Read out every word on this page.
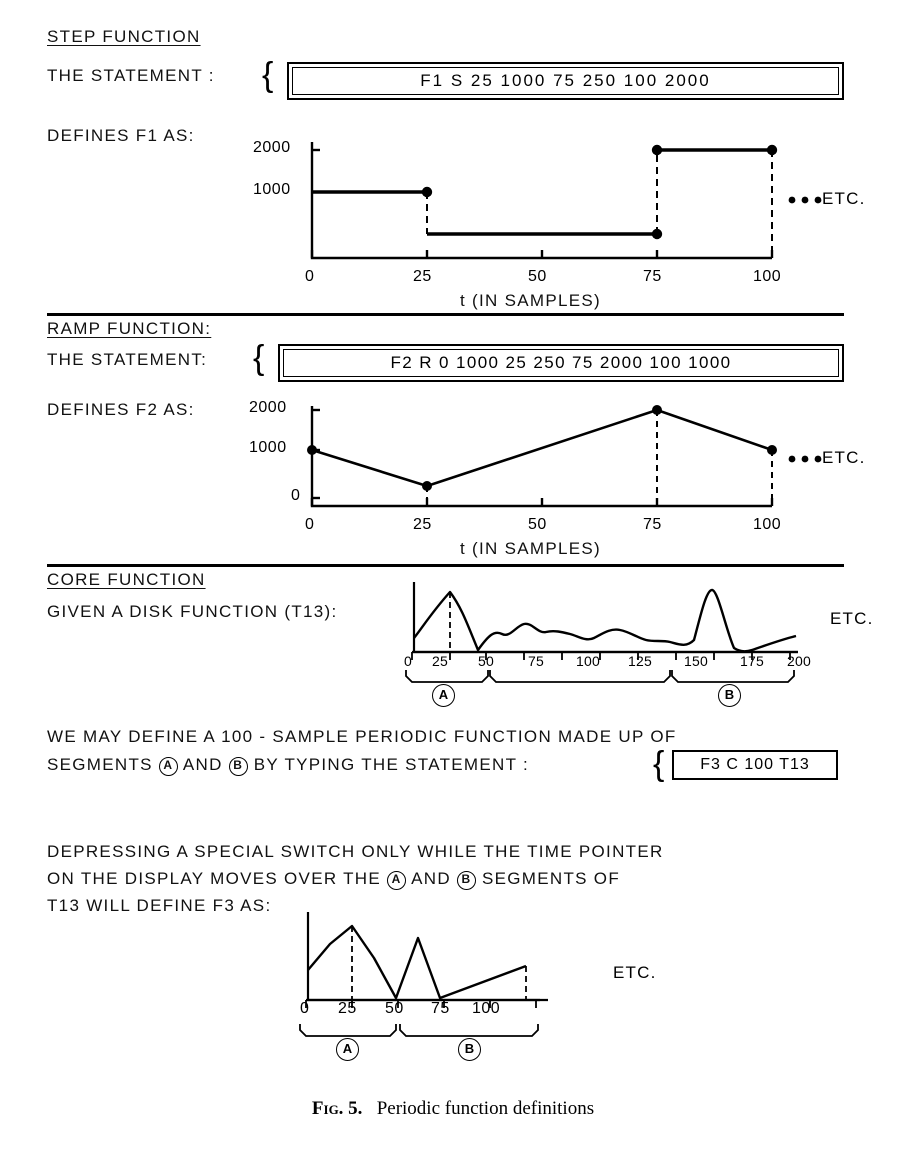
STEP FUNCTION
THE STATEMENT : {	F1 S 25 1000 75 250 100 2000
DEFINES F1 AS:
2000
1000
0	25	50	75	100
t (IN SAMPLES)
ETC.
RAMP FUNCTION:
THE STATEMENT: {	F2 R 0 1000 25 250 75 2000 100 1000
DEFINES F2 AS:	2000
1000
0
0	25	50	75	100
t (IN SAMPLES)
ETC.
CORE FUNCTION
GIVEN A DISK FUNCTION (T13):
0 25 50 75 100 125 150 175 200
A	B
ETC.
WE MAY DEFINE A 100 - SAMPLE PERIODIC FUNCTION MADE UP OF
SEGMENTS A AND B BY TYPING THE STATEMENT :	{	F3 C 100 T13
DEPRESSING A SPECIAL SWITCH ONLY WHILE THE TIME POINTER
ON THE DISPLAY MOVES OVER THE A AND B SEGMENTS OF
T13 WILL DEFINE F3 AS:
0 25 50 75 100
A	B
ETC.
Fig. 5. Periodic function definitions
